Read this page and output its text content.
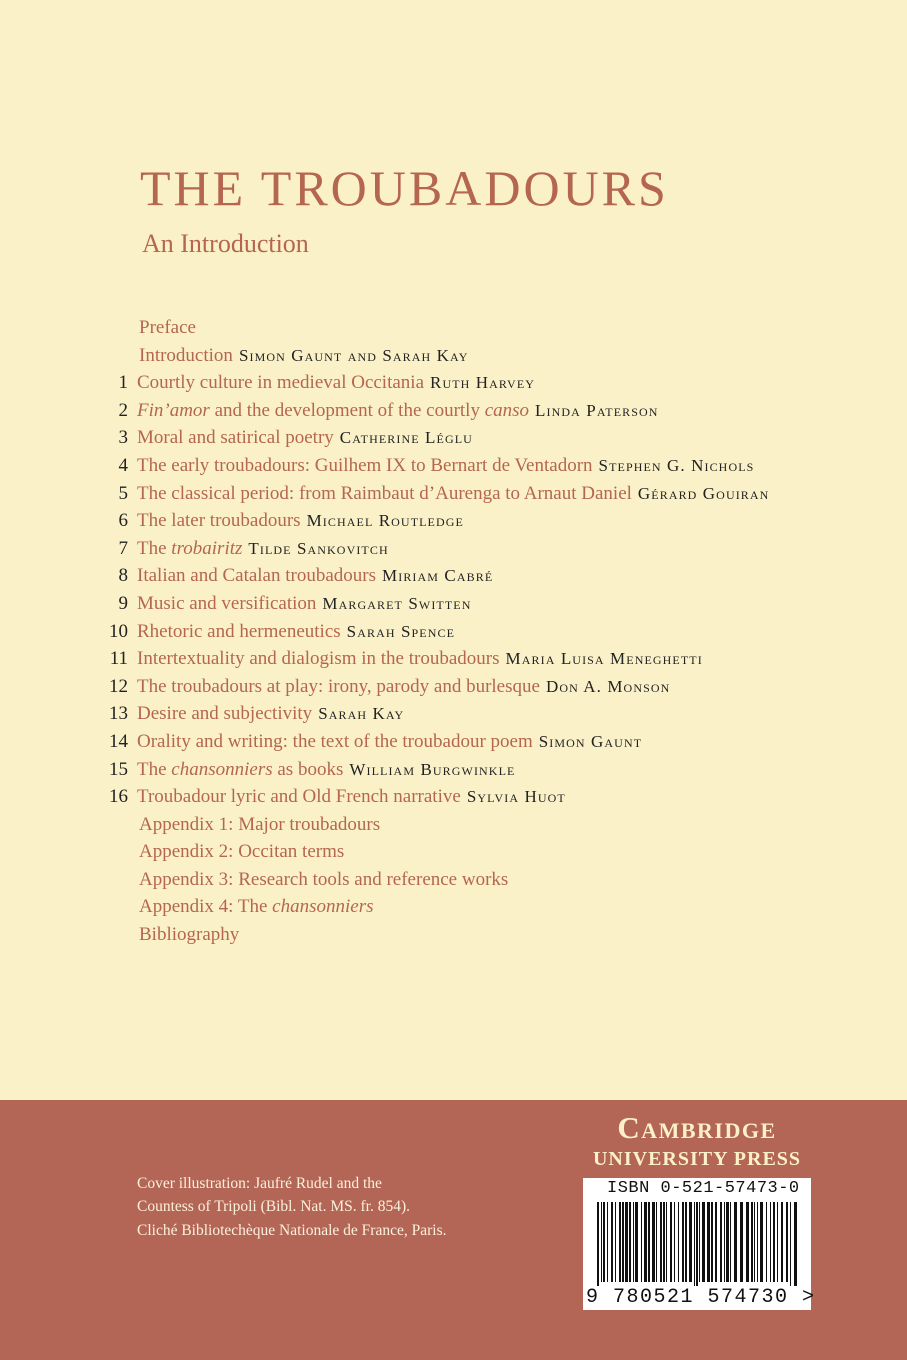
THE TROUBADOURS
An Introduction
Preface
Introduction Simon Gaunt and Sarah Kay
1 Courtly culture in medieval Occitania Ruth Harvey
2 Fin’amor and the development of the courtly canso Linda Paterson
3 Moral and satirical poetry Catherine Léglu
4 The early troubadours: Guilhem IX to Bernart de Ventadorn Stephen G. Nichols
5 The classical period: from Raimbaut d’Aurenga to Arnaut Daniel Gérard Gouiran
6 The later troubadours Michael Routledge
7 The trobairitz Tilde Sankovitch
8 Italian and Catalan troubadours Miriam Cabré
9 Music and versification Margaret Switten
10 Rhetoric and hermeneutics Sarah Spence
11 Intertextuality and dialogism in the troubadours Maria Luisa Meneghetti
12 The troubadours at play: irony, parody and burlesque Don A. Monson
13 Desire and subjectivity Sarah Kay
14 Orality and writing: the text of the troubadour poem Simon Gaunt
15 The chansonniers as books William Burgwinkle
16 Troubadour lyric and Old French narrative Sylvia Huot
Appendix 1: Major troubadours
Appendix 2: Occitan terms
Appendix 3: Research tools and reference works
Appendix 4: The chansonniers
Bibliography
Cover illustration: Jaufré Rudel and the
Countess of Tripoli (Bibl. Nat. MS. fr. 854).
Cliché Bibliotechèque Nationale de France, Paris.
Cambridge
UNIVERSITY PRESS
ISBN 0-521-57473-0
9 780521 574730 >
